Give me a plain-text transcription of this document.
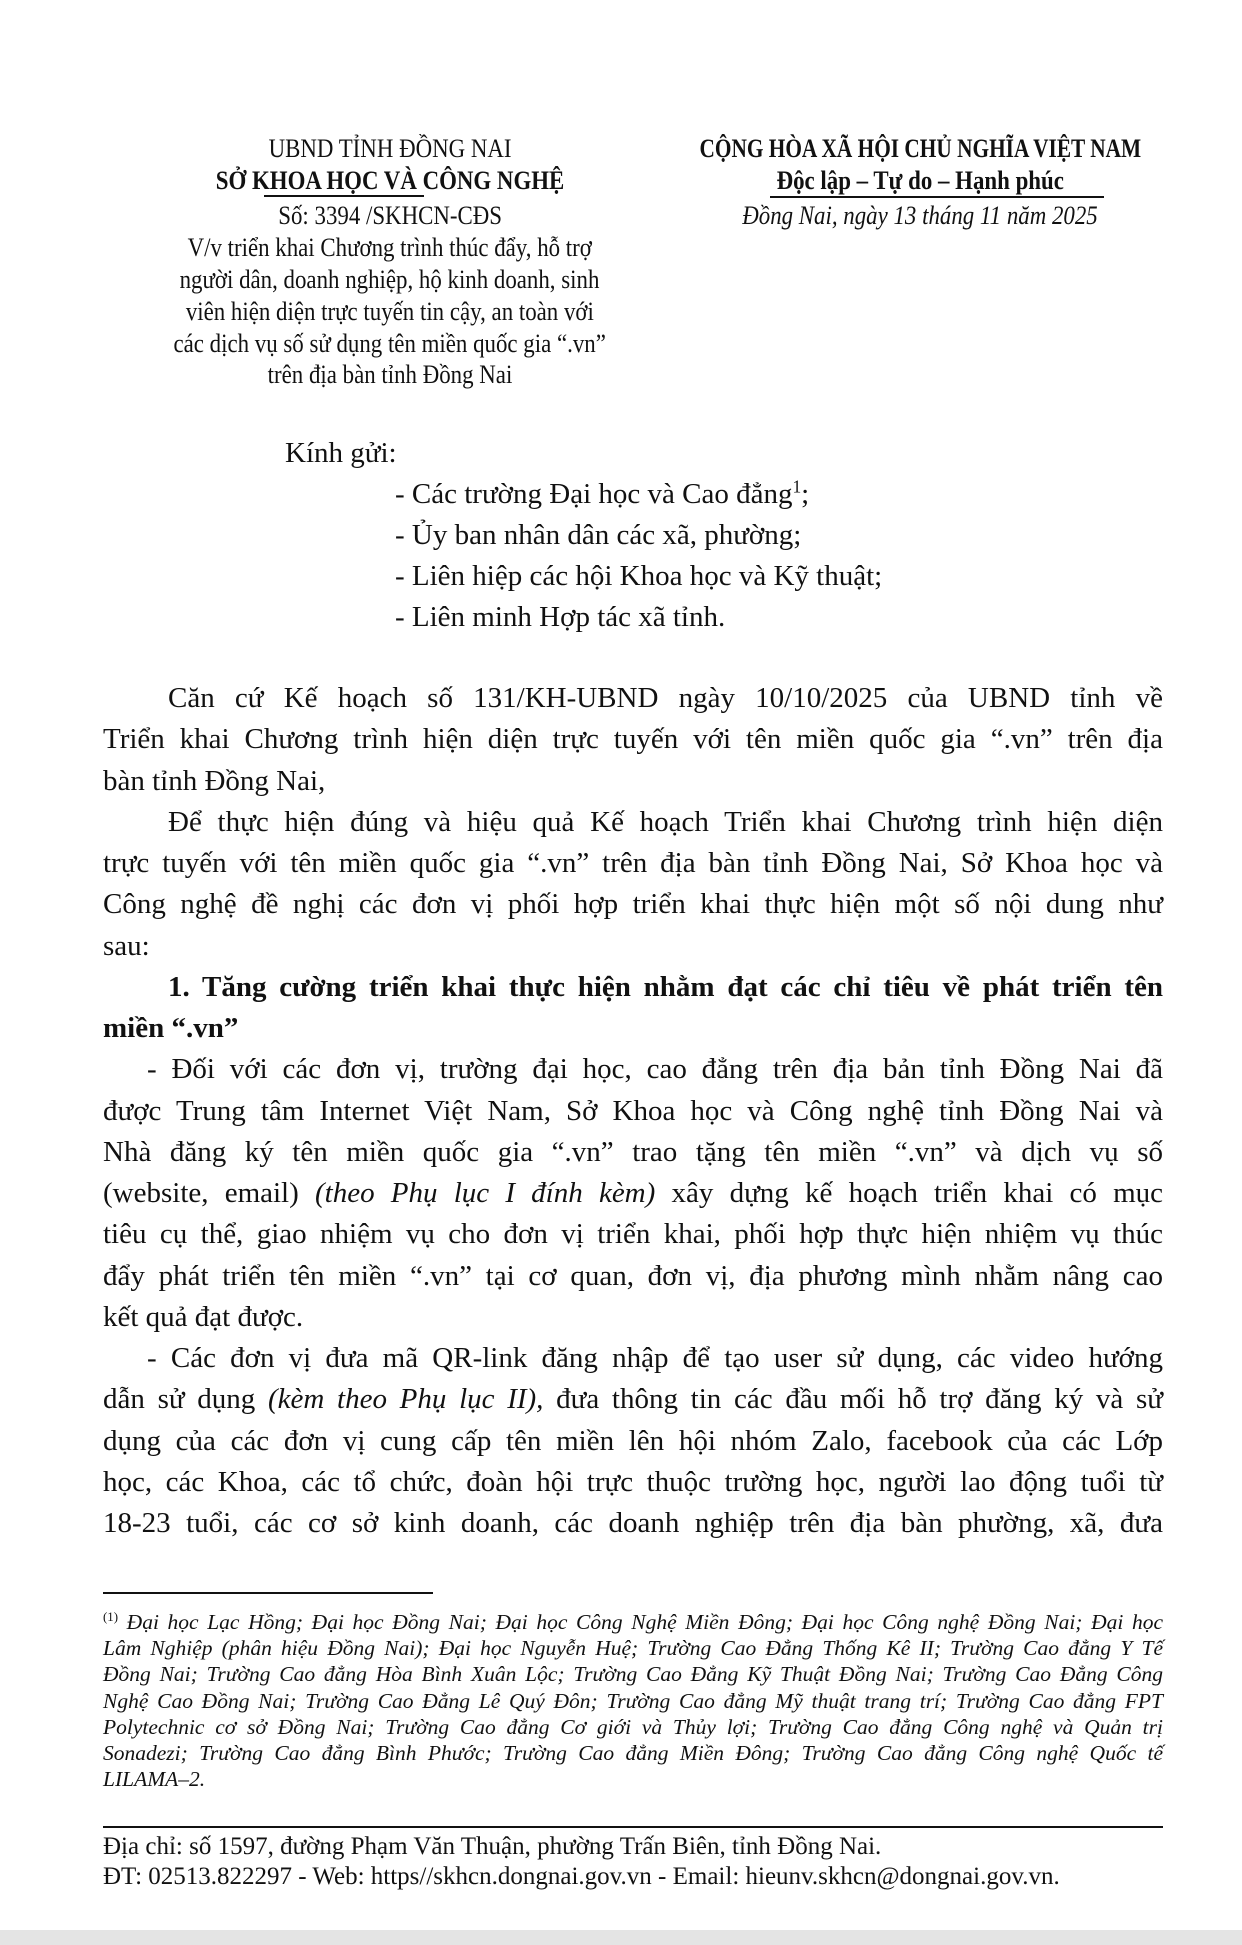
UBND TỈNH ĐỒNG NAI
SỞ KHOA HỌC VÀ CÔNG NGHỆ
Số: 3394 /SKHCN-CĐS
V/v triển khai Chương trình thúc đẩy, hỗ trợ
người dân, doanh nghiệp, hộ kinh doanh, sinh
viên hiện diện trực tuyến tin cậy, an toàn với
các dịch vụ số sử dụng tên miền quốc gia “.vn”
trên địa bàn tỉnh Đồng Nai
CỘNG HÒA XÃ HỘI CHỦ NGHĨA VIỆT NAM
Độc lập – Tự do – Hạnh phúc
Đồng Nai, ngày 13 tháng 11 năm 2025
Kính gửi:
- Các trường Đại học và Cao đẳng$^1$;
- Ủy ban nhân dân các xã, phường;
- Liên hiệp các hội Khoa học và Kỹ thuật;
- Liên minh Hợp tác xã tỉnh.
Căn cứ Kế hoạch số 131/KH-UBND ngày 10/10/2025 của UBND tỉnh về
Triển khai Chương trình hiện diện trực tuyến với tên miền quốc gia “.vn” trên địa
bàn tỉnh Đồng Nai,
Để thực hiện đúng và hiệu quả Kế hoạch Triển khai Chương trình hiện diện
trực tuyến với tên miền quốc gia “.vn” trên địa bàn tỉnh Đồng Nai, Sở Khoa học và
Công nghệ đề nghị các đơn vị phối hợp triển khai thực hiện một số nội dung như
sau:
1. Tăng cường triển khai thực hiện nhằm đạt các chỉ tiêu về phát triển tên
miền “.vn”
- Đối với các đơn vị, trường đại học, cao đẳng trên địa bản tỉnh Đồng Nai đã
được Trung tâm Internet Việt Nam, Sở Khoa học và Công nghệ tỉnh Đồng Nai và
Nhà đăng ký tên miền quốc gia “.vn” trao tặng tên miền “.vn” và dịch vụ số
(website, email) (theo Phụ lục I đính kèm) xây dựng kế hoạch triển khai có mục
tiêu cụ thể, giao nhiệm vụ cho đơn vị triển khai, phối hợp thực hiện nhiệm vụ thúc
đẩy phát triển tên miền “.vn” tại cơ quan, đơn vị, địa phương mình nhằm nâng cao
kết quả đạt được.
- Các đơn vị đưa mã QR-link đăng nhập để tạo user sử dụng, các video hướng
dẫn sử dụng (kèm theo Phụ lục II), đưa thông tin các đầu mối hỗ trợ đăng ký và sử
dụng của các đơn vị cung cấp tên miền lên hội nhóm Zalo, facebook của các Lớp
học, các Khoa, các tổ chức, đoàn hội trực thuộc trường học, người lao động tuổi từ
18-23 tuổi, các cơ sở kinh doanh, các doanh nghiệp trên địa bàn phường, xã, đưa
$^{(1)}$ Đại học Lạc Hồng; Đại học Đồng Nai; Đại học Công Nghệ Miền Đông; Đại học Công nghệ Đồng Nai; Đại học
Lâm Nghiệp (phân hiệu Đồng Nai); Đại học Nguyễn Huệ; Trường Cao Đẳng Thống Kê II; Trường Cao đẳng Y Tế
Đồng Nai; Trường Cao đẳng Hòa Bình Xuân Lộc; Trường Cao Đẳng Kỹ Thuật Đồng Nai; Trường Cao Đẳng Công
Nghệ Cao Đồng Nai; Trường Cao Đẳng Lê Quý Đôn; Trường Cao đẳng Mỹ thuật trang trí; Trường Cao đẳng FPT
Polytechnic cơ sở Đồng Nai; Trường Cao đẳng Cơ giới và Thủy lợi; Trường Cao đẳng Công nghệ và Quản trị
Sonadezi; Trường Cao đẳng Bình Phước; Trường Cao đẳng Miền Đông; Trường Cao đẳng Công nghệ Quốc tế
LILAMA–2.
Địa chỉ: số 1597, đường Phạm Văn Thuận, phường Trấn Biên, tỉnh Đồng Nai.
ĐT: 02513.822297 - Web: https//skhcn.dongnai.gov.vn - Email: hieunv.skhcn@dongnai.gov.vn.
